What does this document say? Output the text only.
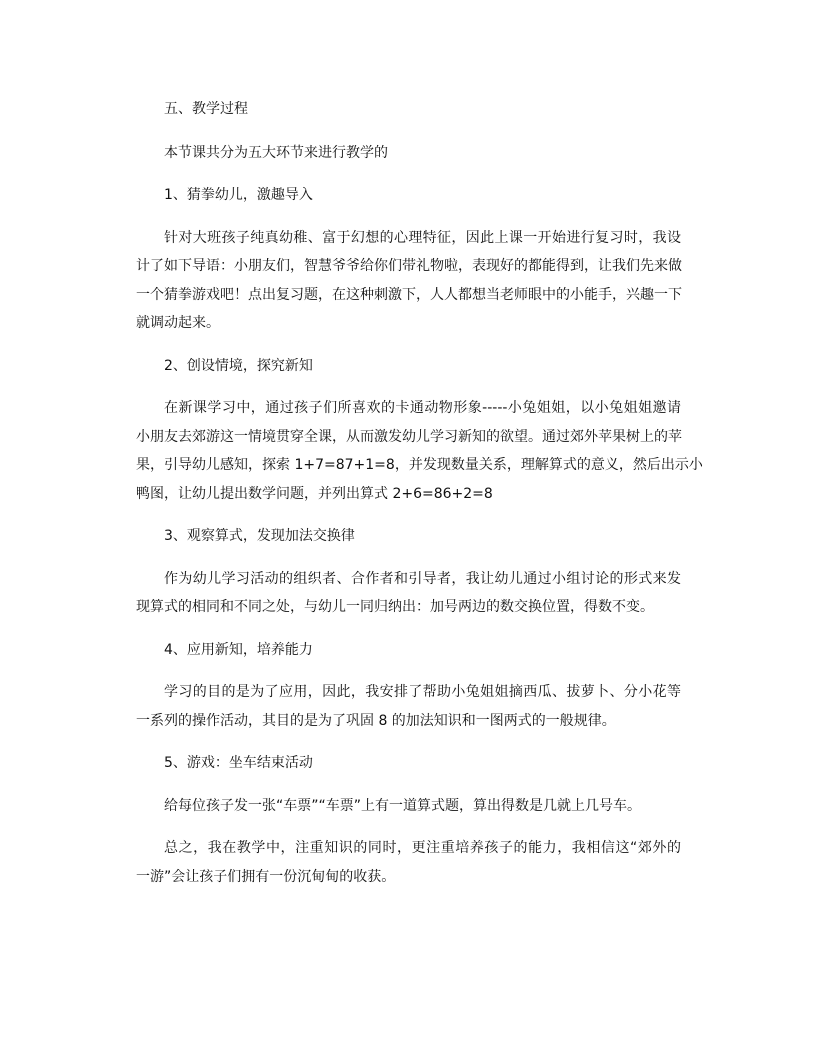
五、教学过程

本节课共分为五大环节来进行教学的

1、猜拳幼儿，激趣导入

针对大班孩子纯真幼稚、富于幻想的心理特征，因此上课一开始进行复习时，我设

计了如下导语：小朋友们，智慧爷爷给你们带礼物啦，表现好的都能得到，让我们先来做

一个猜拳游戏吧！点出复习题，在这种刺激下，人人都想当老师眼中的小能手，兴趣一下

就调动起来。

2、创设情境，探究新知

在新课学习中，通过孩子们所喜欢的卡通动物形象-----小兔姐姐，以小兔姐姐邀请

小朋友去郊游这一情境贯穿全课，从而激发幼儿学习新知的欲望。通过郊外苹果树上的苹

果，引导幼儿感知，探索 1+7=87+1=8，并发现数量关系，理解算式的意义，然后出示小

鸭图，让幼儿提出数学问题，并列出算式 2+6=86+2=8

3、观察算式，发现加法交换律

作为幼儿学习活动的组织者、合作者和引导者，我让幼儿通过小组讨论的形式来发

现算式的相同和不同之处，与幼儿一同归纳出：加号两边的数交换位置，得数不变。

4、应用新知，培养能力

学习的目的是为了应用，因此，我安排了帮助小兔姐姐摘西瓜、拔萝卜、分小花等

一系列的操作活动，其目的是为了巩固 8 的加法知识和一图两式的一般规律。

5、游戏：坐车结束活动

给每位孩子发一张“车票”“车票”上有一道算式题，算出得数是几就上几号车。

总之，我在教学中，注重知识的同时，更注重培养孩子的能力，我相信这“郊外的

一游”会让孩子们拥有一份沉甸甸的收获。
